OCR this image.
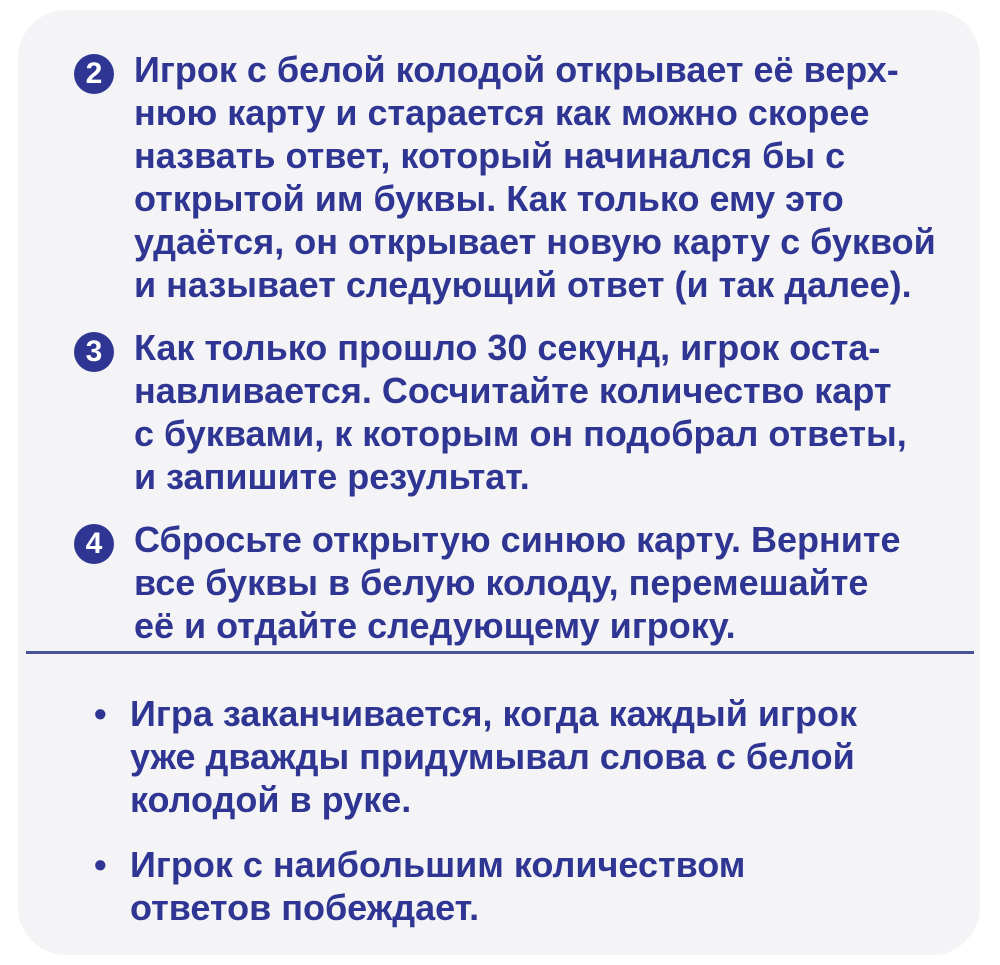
2 Игрок с белой колодой открывает её верх-
нюю карту и старается как можно скорее
назвать ответ, который начинался бы с
открытой им буквы. Как только ему это
удаётся, он открывает новую карту с буквой
и называет следующий ответ (и так далее).
3 Как только прошло 30 секунд, игрок оста-
навливается. Сосчитайте количество карт
с буквами, к которым он подобрал ответы,
и запишите результат.
4 Сбросьте открытую синюю карту. Верните
все буквы в белую колоду, перемешайте
её и отдайте следующему игроку.
• Игра заканчивается, когда каждый игрок
уже дважды придумывал слова с белой
колодой в руке.
• Игрок с наибольшим количеством
ответов побеждает.
